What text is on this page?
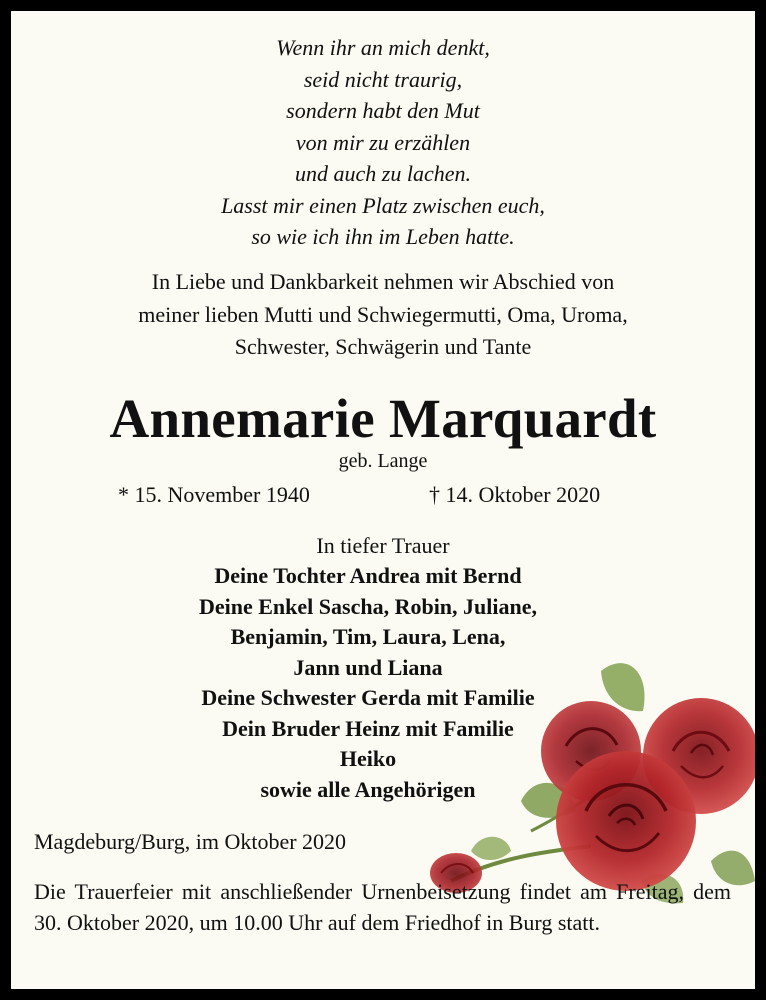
Wenn ihr an mich denkt,
seid nicht traurig,
sondern habt den Mut
von mir zu erzählen
und auch zu lachen.
Lasst mir einen Platz zwischen euch,
so wie ich ihn im Leben hatte.
In Liebe und Dankbarkeit nehmen wir Abschied von
meiner lieben Mutti und Schwiegermutti, Oma, Uroma,
Schwester, Schwägerin und Tante
Annemarie Marquardt
geb. Lange
* 15. November 1940	† 14. Oktober 2020
In tiefer Trauer
Deine Tochter Andrea mit Bernd
Deine Enkel Sascha, Robin, Juliane,
Benjamin, Tim, Laura, Lena,
Jann und Liana
Deine Schwester Gerda mit Familie
Dein Bruder Heinz mit Familie
Heiko
sowie alle Angehörigen
Magdeburg/Burg, im Oktober 2020
Die Trauerfeier mit anschließender Urnenbeisetzung findet am Freitag, dem 30. Oktober 2020, um 10.00 Uhr auf dem Friedhof in Burg statt.
